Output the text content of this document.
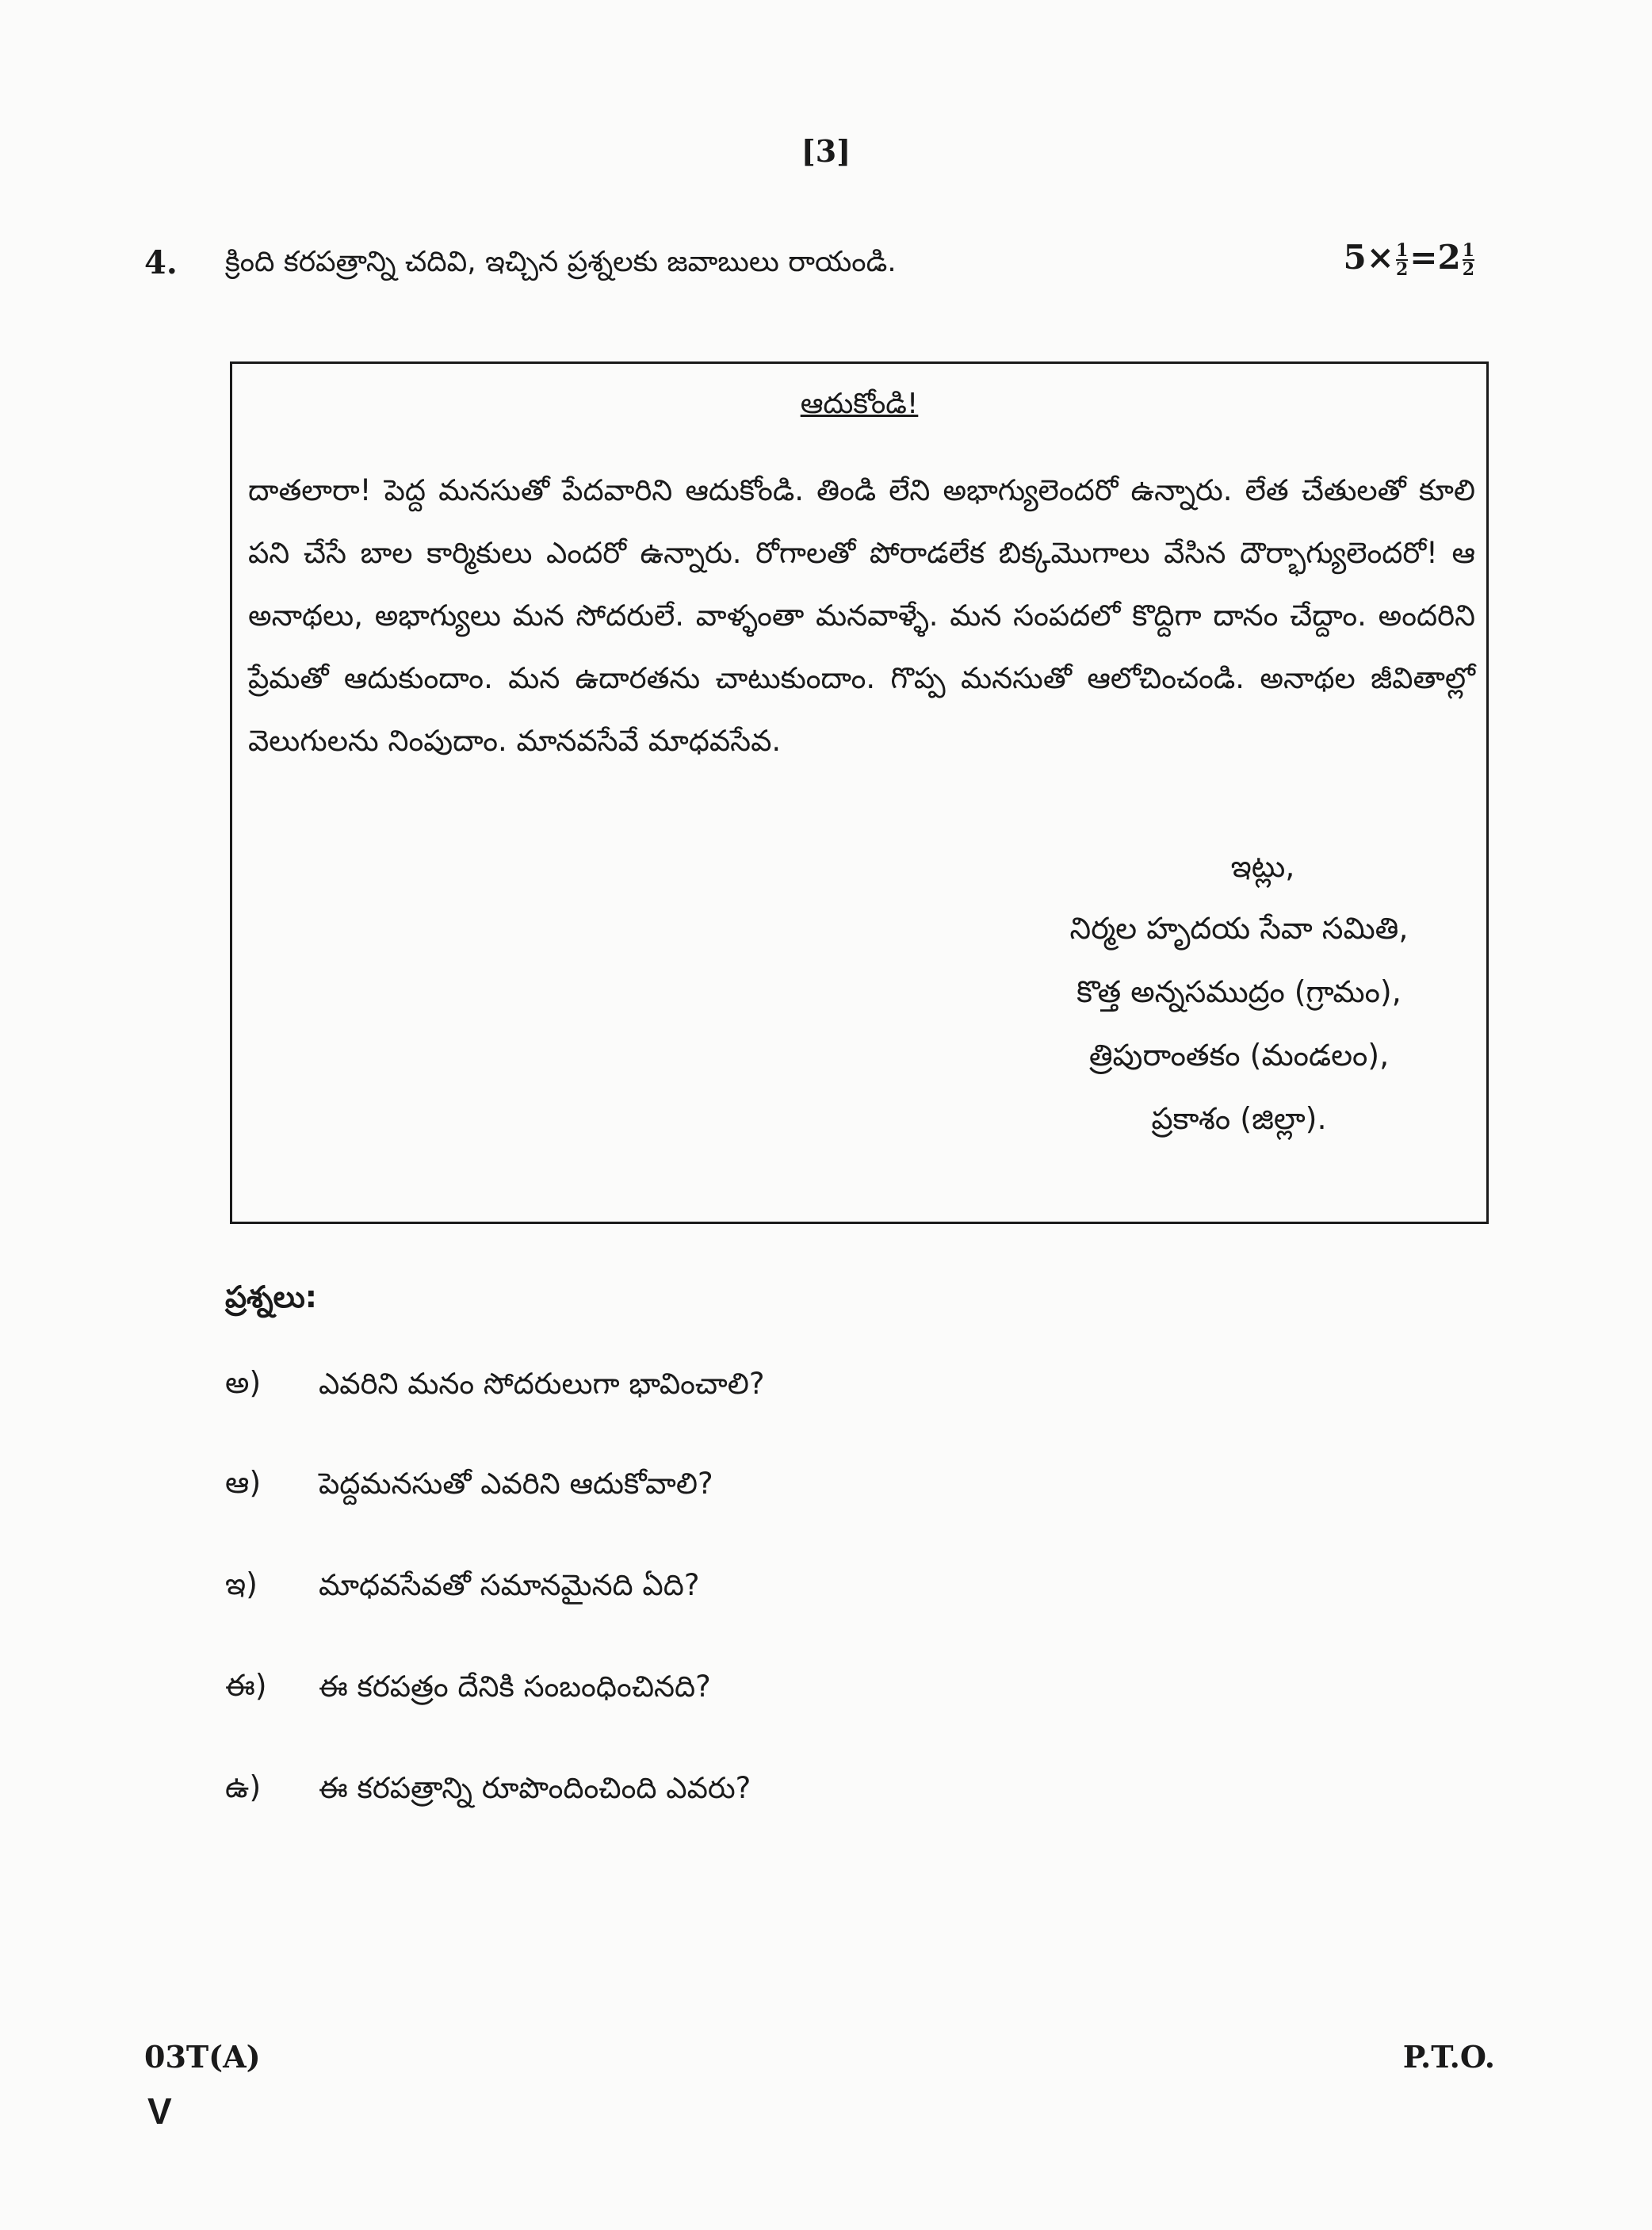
[3]
4. క్రింది కరపత్రాన్ని చదివి, ఇచ్చిన ప్రశ్నలకు జవాబులు రాయండి.	$5\times \frac{1}{2} =2 \frac{1}{2}$
ఆదుకోండి!
దాతలారా! పెద్ద మనసుతో పేదవారిని ఆదుకోండి. తిండి లేని అభాగ్యులెందరో ఉన్నారు. లేత చేతులతో కూలి పని చేసే బాల కార్మికులు ఎందరో ఉన్నారు. రోగాలతో పోరాడలేక బిక్కమొగాలు వేసిన దౌర్భాగ్యులెందరో! ఆ అనాథలు, అభాగ్యులు మన సోదరులే. వాళ్ళంతా మనవాళ్ళే. మన సంపదలో కొద్దిగా దానం చేద్దాం. అందరిని ప్రేమతో ఆదుకుందాం. మన ఉదారతను చాటుకుందాం. గొప్ప మనసుతో ఆలోచించండి. అనాథల జీవితాల్లో వెలుగులను నింపుదాం. మానవసేవే మాధవసేవ.
ఇట్లు,
నిర్మల హృదయ సేవా సమితి,
కొత్త అన్నసముద్రం (గ్రామం),
త్రిపురాంతకం (మండలం),
ప్రకాశం (జిల్లా).
ప్రశ్నలు:
అ) ఎవరిని మనం సోదరులుగా భావించాలి?
ఆ) పెద్దమనసుతో ఎవరిని ఆదుకోవాలి?
ఇ) మాధవసేవతో సమానమైనది ఏది?
ఈ) ఈ కరపత్రం దేనికి సంబంధించినది?
ఉ) ఈ కరపత్రాన్ని రూపొందించింది ఎవరు?
03T(A)
V
P.T.O.
